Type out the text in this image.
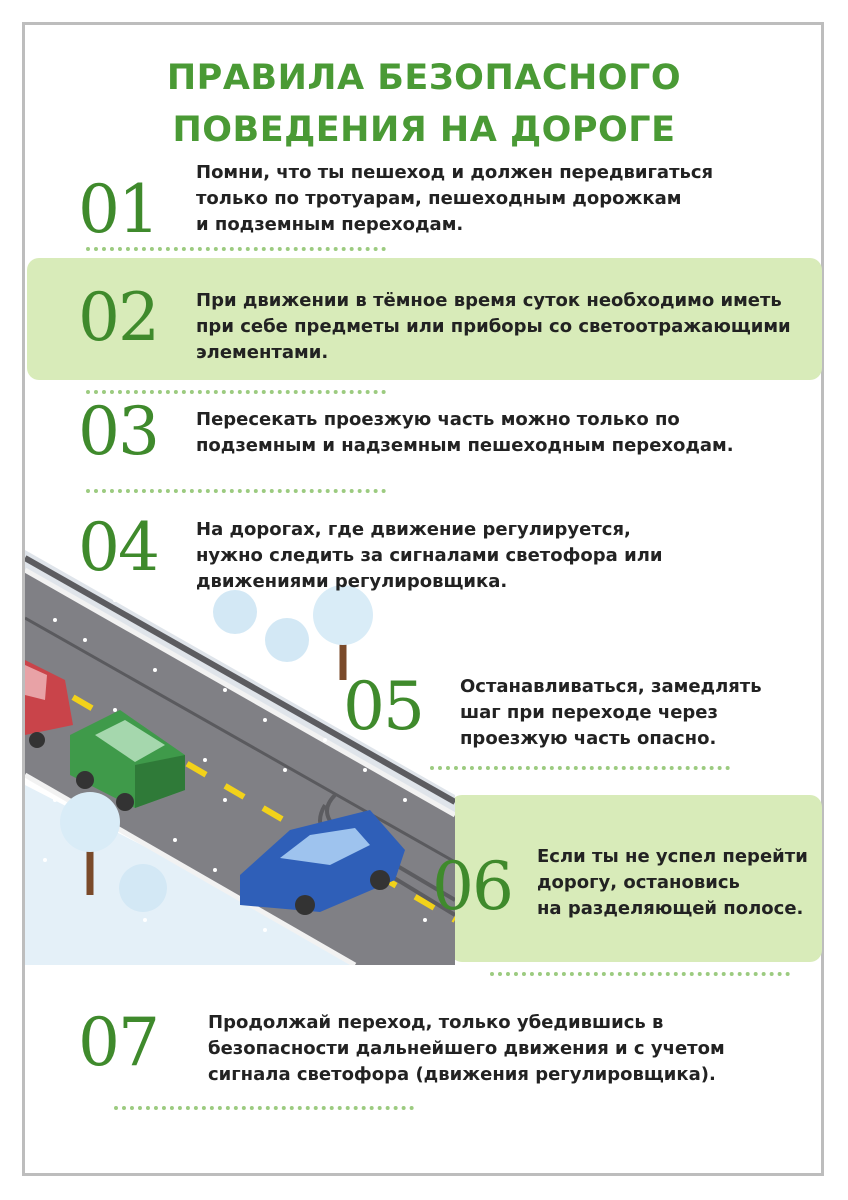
ПРАВИЛА БЕЗОПАСНОГО
ПОВЕДЕНИЯ НА ДОРОГЕ
01
02
03
04
05
06
07
Помни, что ты пешеход и должен передвигаться
только по тротуарам, пешеходным дорожкам
и подземным переходам.
При движении в тёмное время суток необходимо иметь
при себе предметы или приборы со светоотражающими
элементами.
Пересекать проезжую часть можно только по
подземным и надземным пешеходным переходам.
На дорогах, где движение регулируется,
нужно следить за сигналами светофора или
движениями регулировщика.
Останавливаться, замедлять
шаг при переходе через
проезжую часть опасно.
Если ты не успел перейти
дорогу, остановись
на разделяющей полосе.
Продолжай переход, только убедившись в
безопасности дальнейшего движения и с учетом
сигнала светофора (движения регулировщика).
